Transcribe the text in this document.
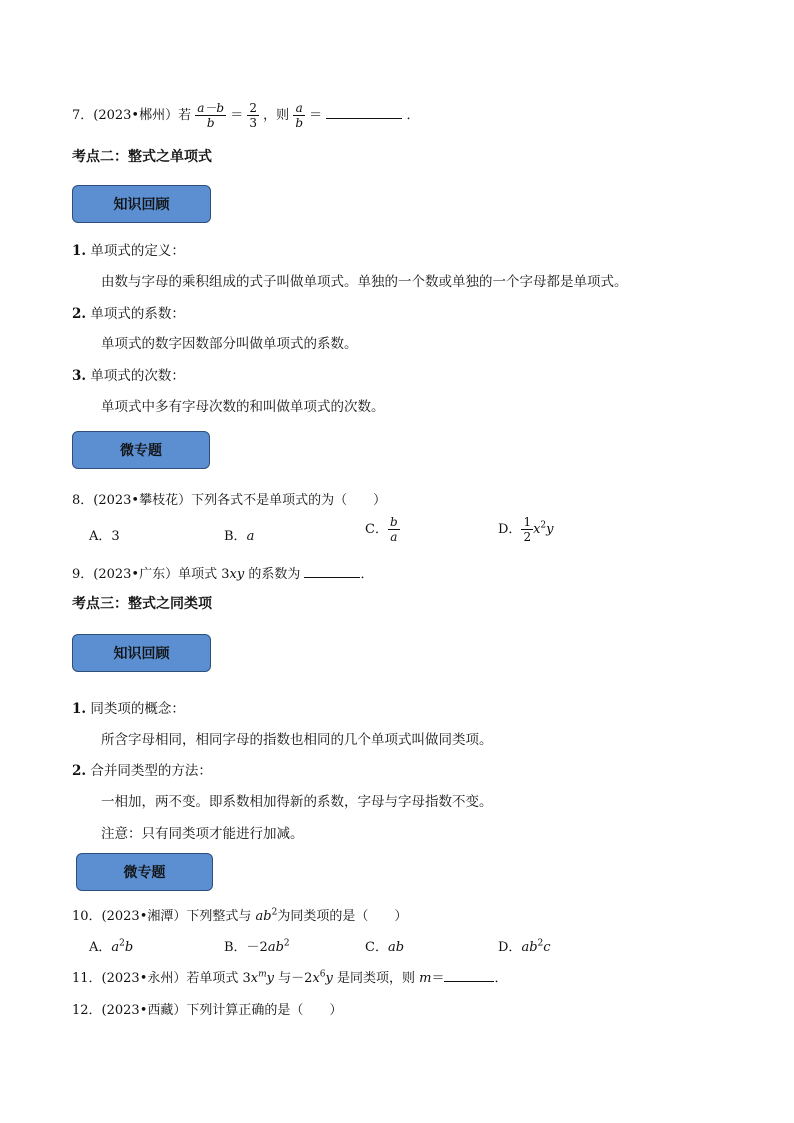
7．(2023•郴州）若 $\frac{a-b}{b} = \frac{2}{3}$ ，则 $\frac{a}{b}$ ＝	．
考点二：整式之单项式
知识回顾
1. 单项式的定义：
由数与字母的乘积组成的式子叫做单项式。单独的一个数或单独的一个字母都是单项式。
2. 单项式的系数：
单项式的数字因数部分叫做单项式的系数。
3. 单项式的次数：
单项式中多有字母次数的和叫做单项式的次数。
微专题
8．(2023•攀枝花）下列各式不是单项式的为（　　）
A．3	B．a	C． $\frac{b}{a}$	D． $\frac{1}{2} x^2y$
9．(2023•广东）单项式 3xy 的系数为	．
考点三：整式之同类项
知识回顾
1. 同类项的概念：
所含字母相同，相同字母的指数也相同的几个单项式叫做同类项。
2. 合并同类型的方法：
一相加，两不变。即系数相加得新的系数，字母与字母指数不变。
注意：只有同类项才能进行加减。
微专题
10．(2023•湘潭）下列整式与 $ab^2$为同类项的是（　　）
A．$a^2b$	B．$-2ab^2$	C．ab	D．$ab^2c$
11．(2023•永州）若单项式 $3x^my$ 与$-2x^6y$ 是同类项，则 m＝	．
12．(2023•西藏）下列计算正确的是（　　）
